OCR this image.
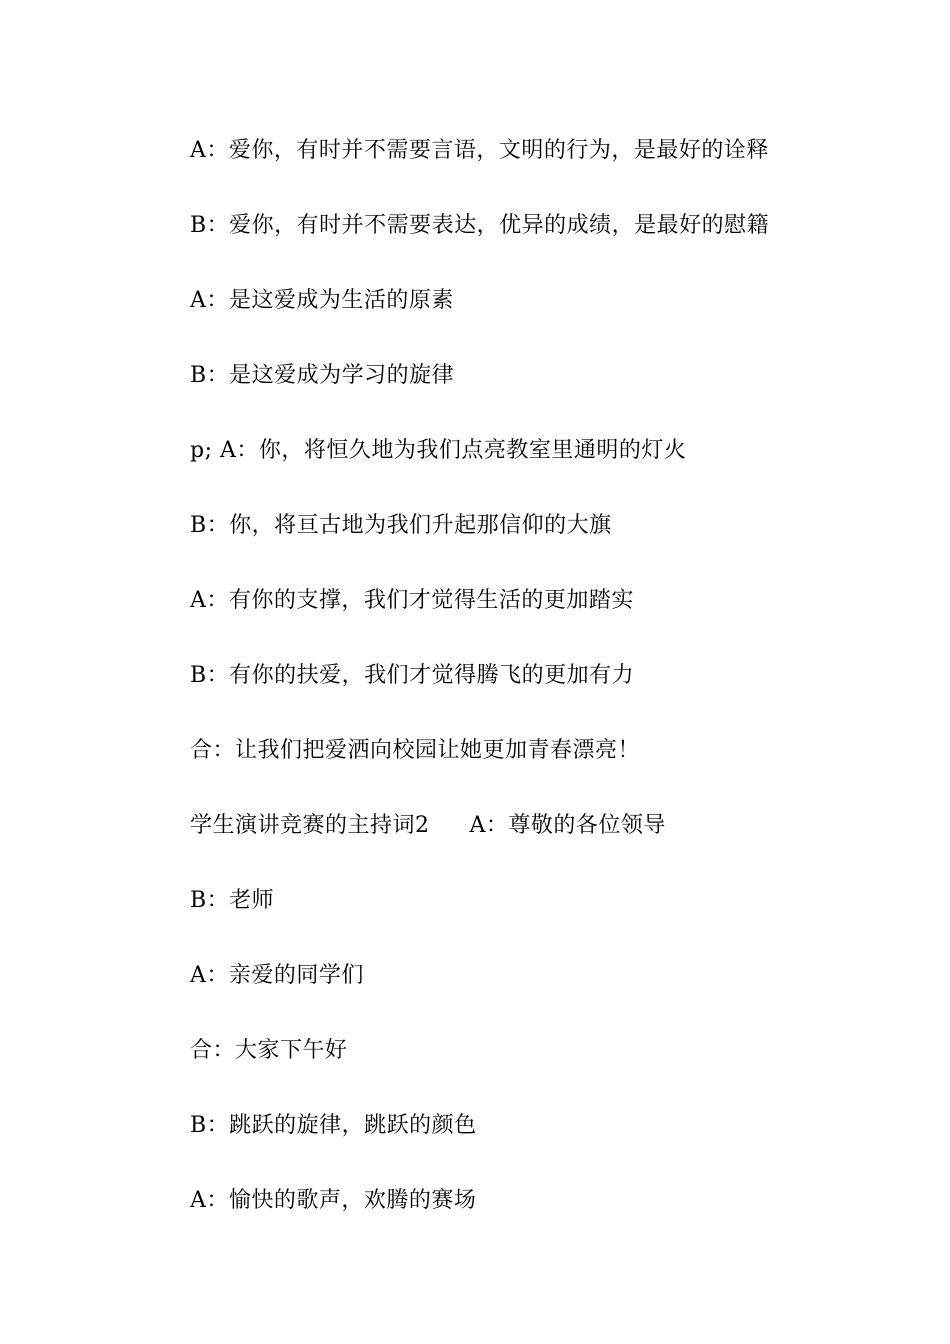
A：爱你，有时并不需要言语，文明的行为，是最好的诠释
B：爱你，有时并不需要表达，优异的成绩，是最好的慰籍
A：是这爱成为生活的原素
B：是这爱成为学习的旋律
p; A：你，将恒久地为我们点亮教室里通明的灯火
B：你，将亘古地为我们升起那信仰的大旗
A：有你的支撑，我们才觉得生活的更加踏实
B：有你的扶爱，我们才觉得腾飞的更加有力
合：让我们把爱洒向校园让她更加青春漂亮！
学生演讲竞赛的主持词2 A：尊敬的各位领导
B：老师
A：亲爱的同学们
合：大家下午好
B：跳跃的旋律，跳跃的颜色
A：愉快的歌声，欢腾的赛场
